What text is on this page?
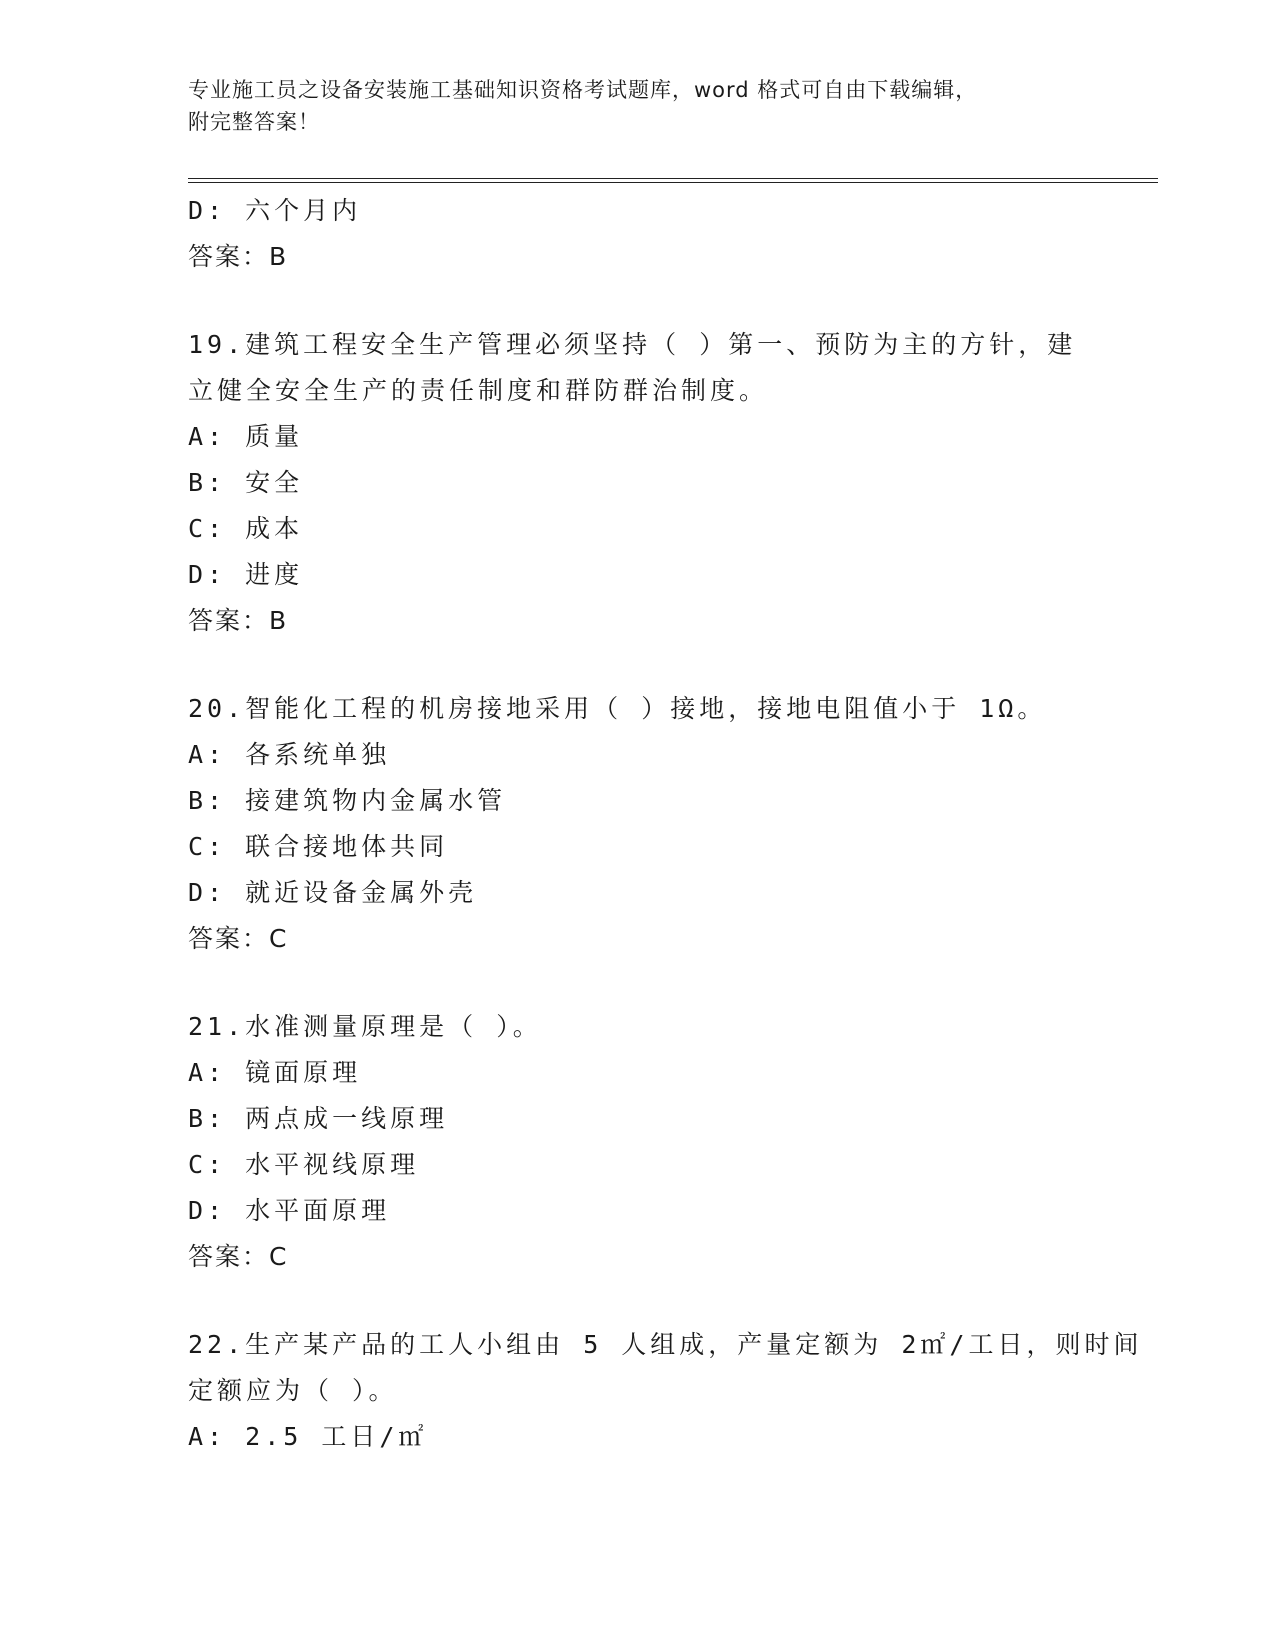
专业施工员之设备安装施工基础知识资格考试题库，word 格式可自由下载编辑，
附完整答案！
D: 六个月内
答案：B
19.建筑工程安全生产管理必须坚持（ ）第一、预防为主的方针，建
立健全安全生产的责任制度和群防群治制度。
A: 质量
B: 安全
C: 成本
D: 进度
答案：B
20.智能化工程的机房接地采用（ ）接地，接地电阻值小于 1Ω。
A: 各系统单独
B: 接建筑物内金属水管
C: 联合接地体共同
D: 就近设备金属外壳
答案：C
21.水准测量原理是（ ）。
A: 镜面原理
B: 两点成一线原理
C: 水平视线原理
D: 水平面原理
答案：C
22.生产某产品的工人小组由 5 人组成，产量定额为 2㎡/工日，则时间
定额应为（ ）。
A: 2.5 工日/㎡
